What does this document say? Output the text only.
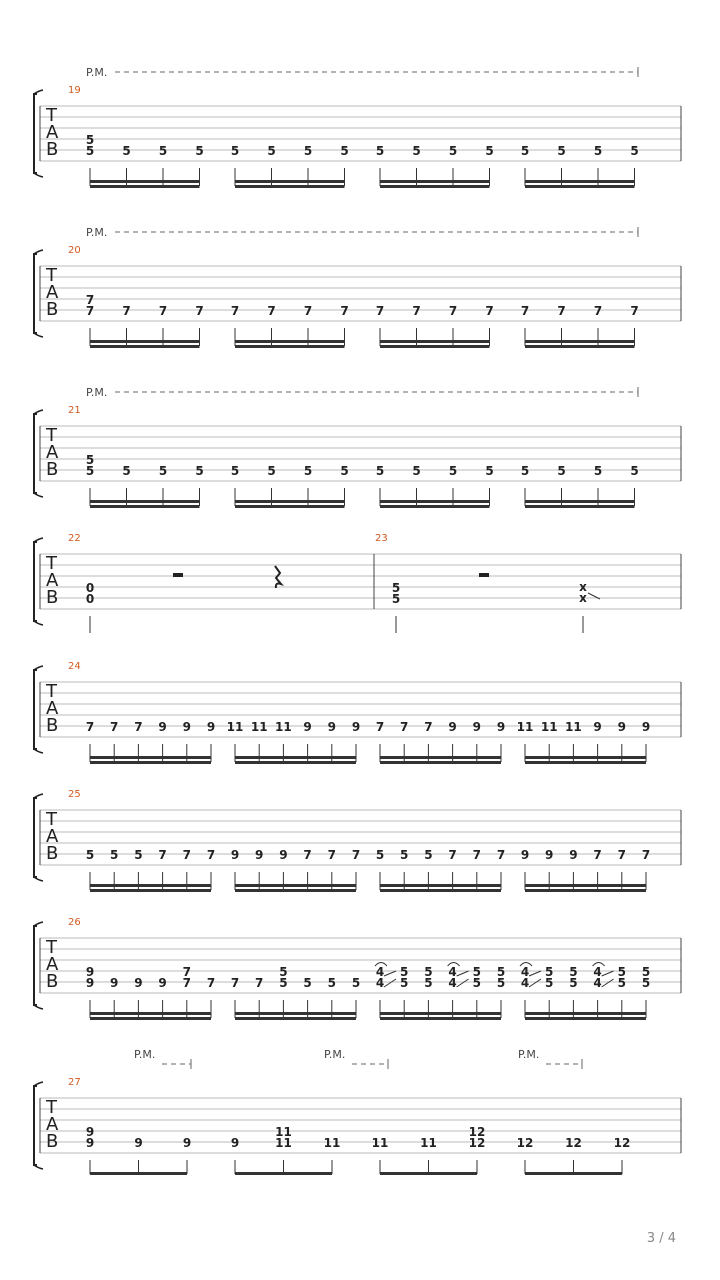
T
A
B
19
P.M.
5
5
5 5 5 5 5 5 5 5 5 5 5 5 5 5 5
T
A
B
20
P.M.
7
7
7 7 7 7 7 7 7 7 7 7 7 7 7 7 7
T
A
B
21
P.M.
5
5
5 5 5 5 5 5 5 5 5 5 5 5 5 5 5
T
A
B
22
0
0
23
5
5
x
x
T
A
B
24
7 7 7 9 9 9 11 11 11 9 9 9 7 7 7 9 9 9 11 11 11 9 9 9
T
A
B
25
5 5 5 7 7 7 9 9 9 7 7 7 5 5 5 7 7 7 9 9 9 7 7 7
T
A
B
26
9
9
9 9 9 7
7
7 7 7 5
5
5 5 5 4
4
5
5
5
5
4
4
5
5
5
5
4
4
5
5
5
5
4
4
5
5
5
5
T
A
B
27
P.M.	P.M.	P.M.
9
9
9	9	9	11
11
11	11	11	12
12
12	12	12
3 / 4
